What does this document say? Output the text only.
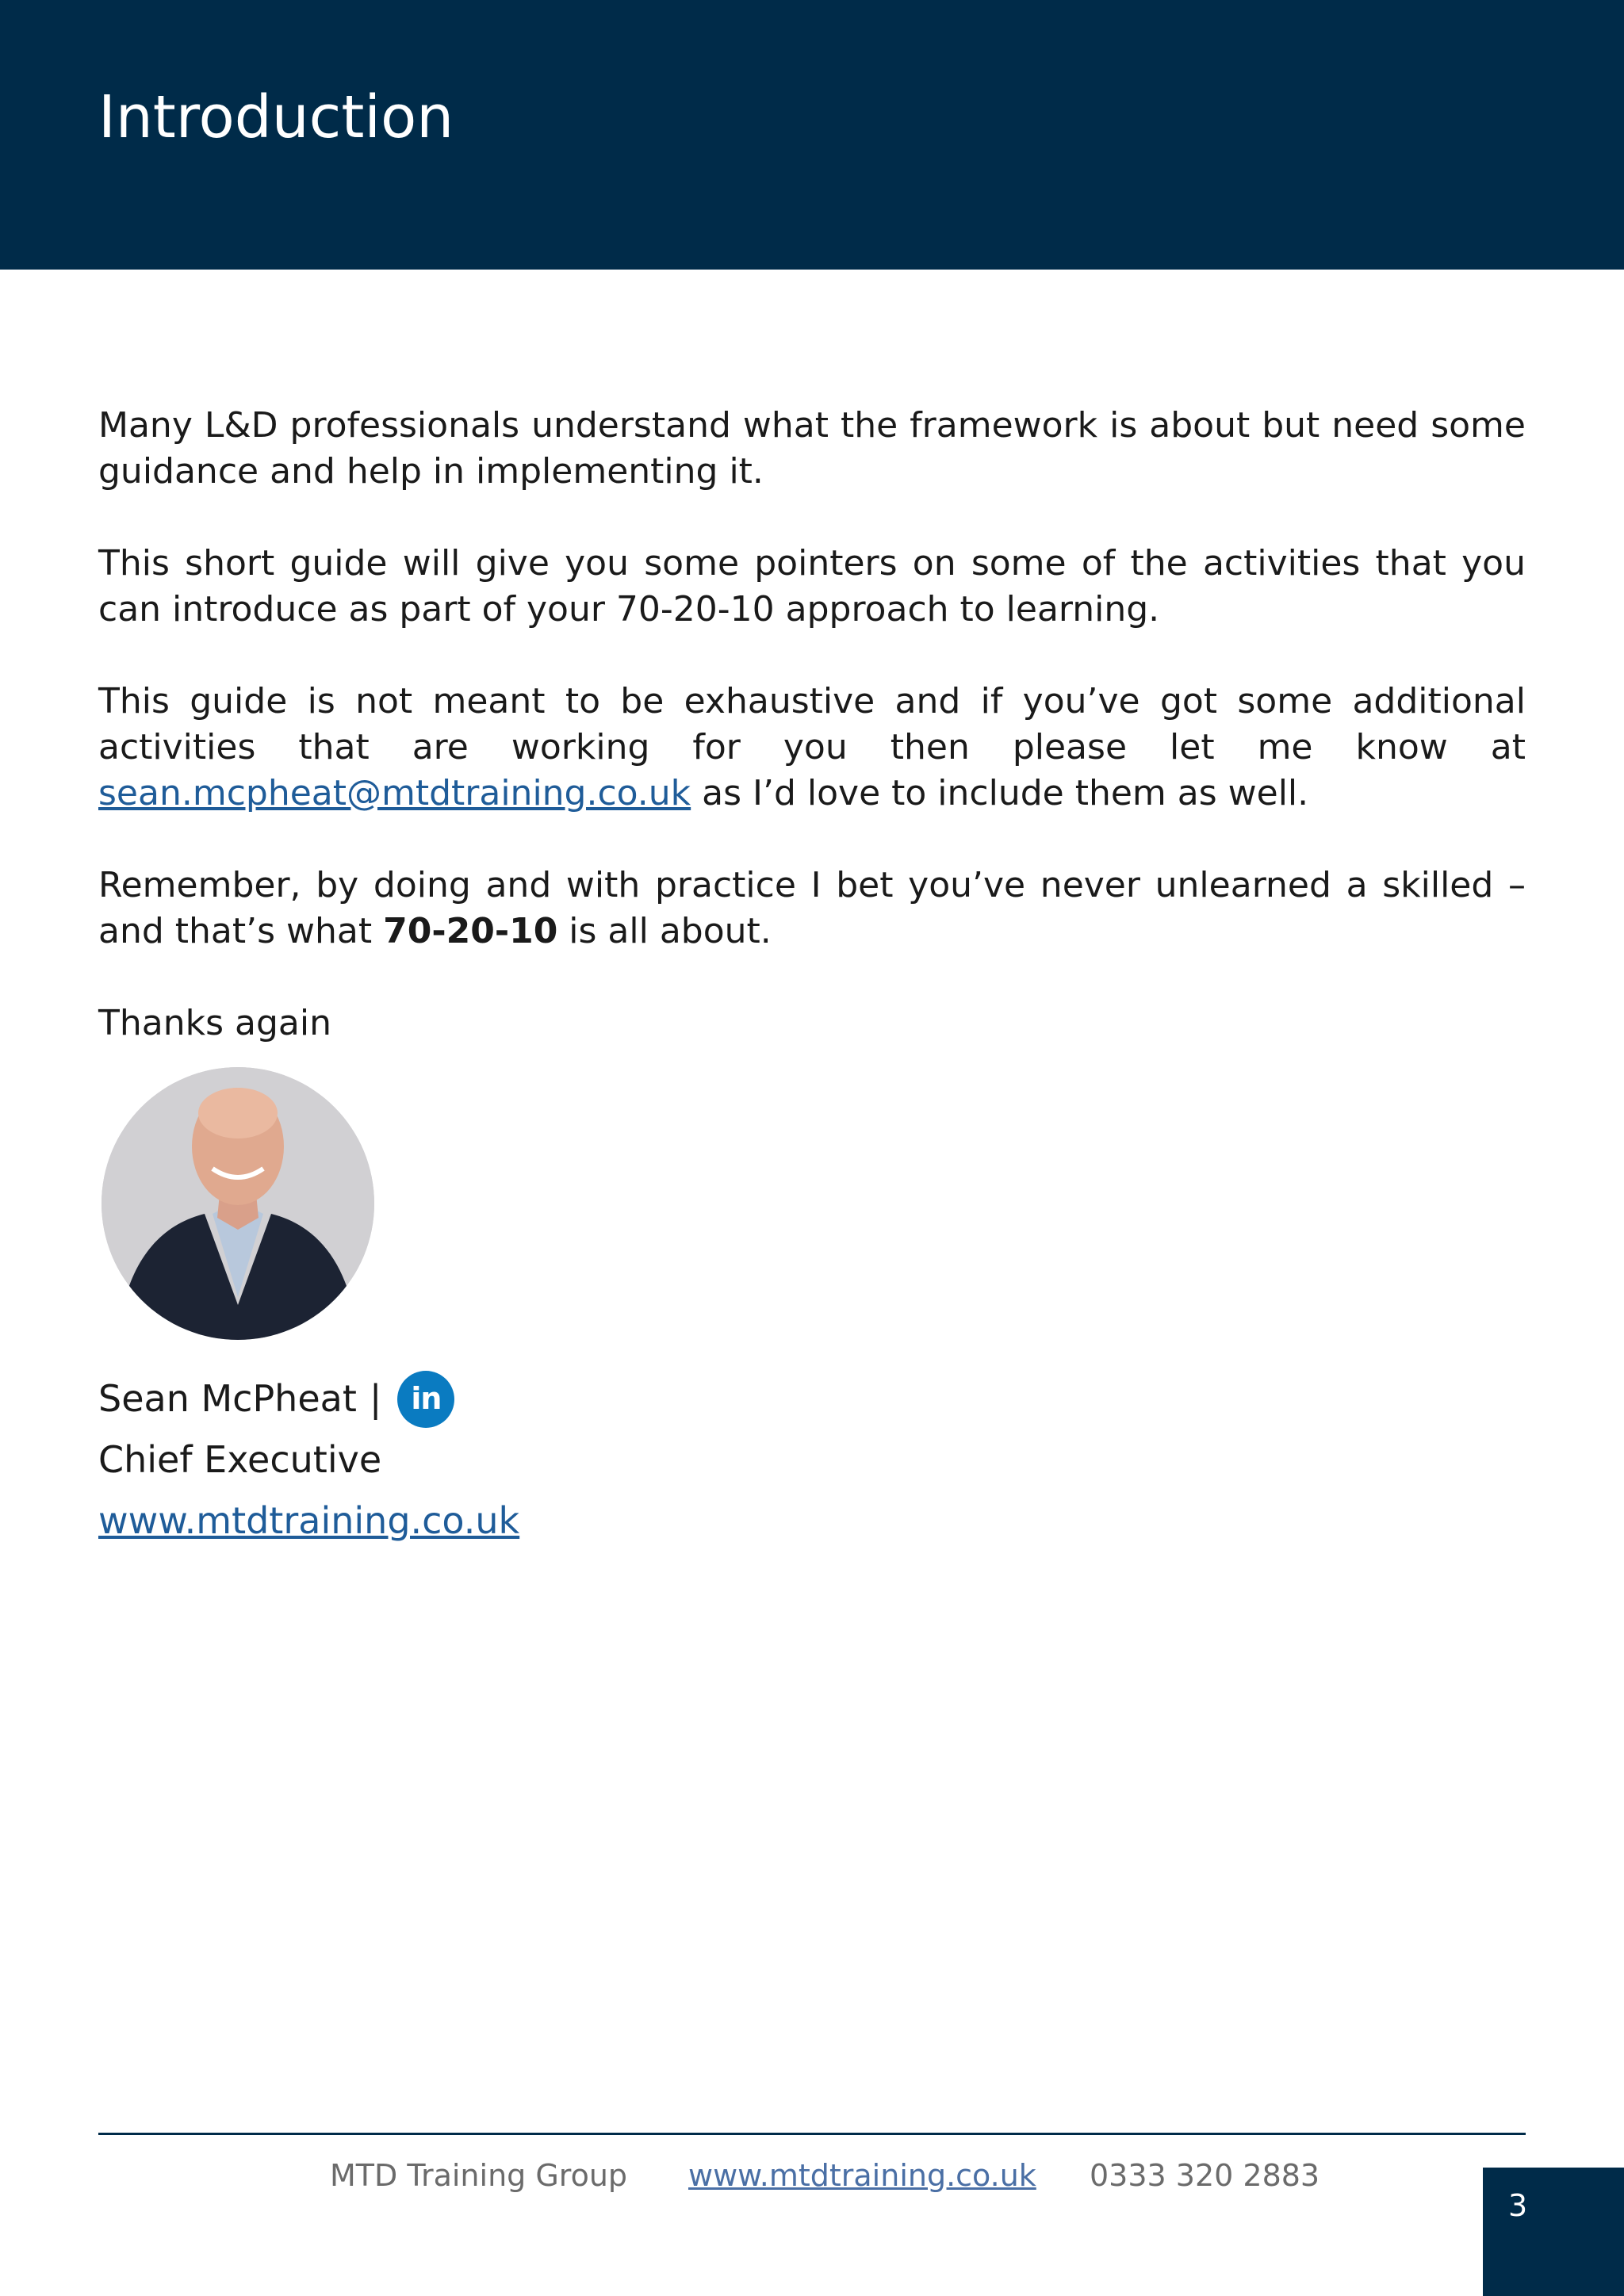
Introduction

Many L&D professionals understand what the framework is about but need some guidance and help in implementing it.

This short guide will give you some pointers on some of the activities that you can introduce as part of your 70-20-10 approach to learning.

This guide is not meant to be exhaustive and if you’ve got some additional activities that are working for you then please let me know at sean.mcpheat@mtdtraining.co.uk as I’d love to include them as well.

Remember, by doing and with practice I bet you’ve never unlearned a skilled – and that’s what 70-20-10 is all about.

Thanks again

Sean McPheat | in
Chief Executive
www.mtdtraining.co.uk
MTD Training Group www.mtdtraining.co.uk 0333 320 2883
3
